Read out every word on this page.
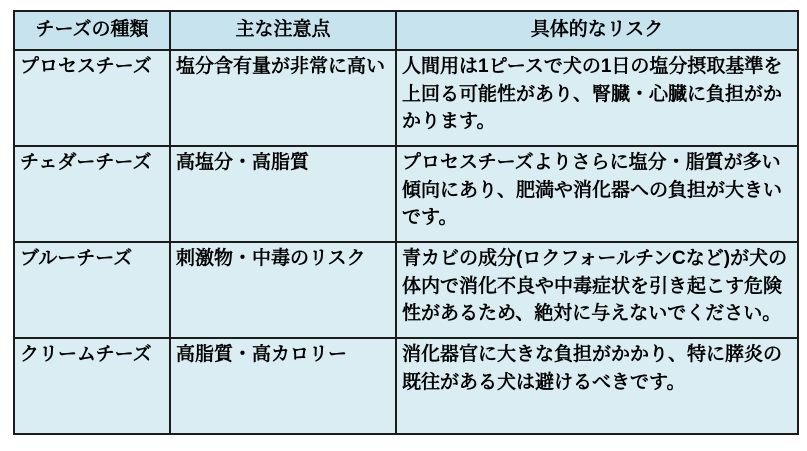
チーズの種類	主な注意点	具体的なリスク
プロセスチーズ	塩分含有量が非常に高い	人間用は1ピースで犬の1日の塩分摂取基準を上回る可能性があり、腎臓・心臓に負担がかかります。
チェダーチーズ	高塩分・高脂質	プロセスチーズよりさらに塩分・脂質が多い傾向にあり、肥満や消化器への負担が大きいです。
ブルーチーズ	刺激物・中毒のリスク	青カビの成分(ロクフォールチンCなど)が犬の体内で消化不良や中毒症状を引き起こす危険性があるため、絶対に与えないでください。
クリームチーズ	高脂質・高カロリー	消化器官に大きな負担がかかり、特に膵炎の既往がある犬は避けるべきです。
